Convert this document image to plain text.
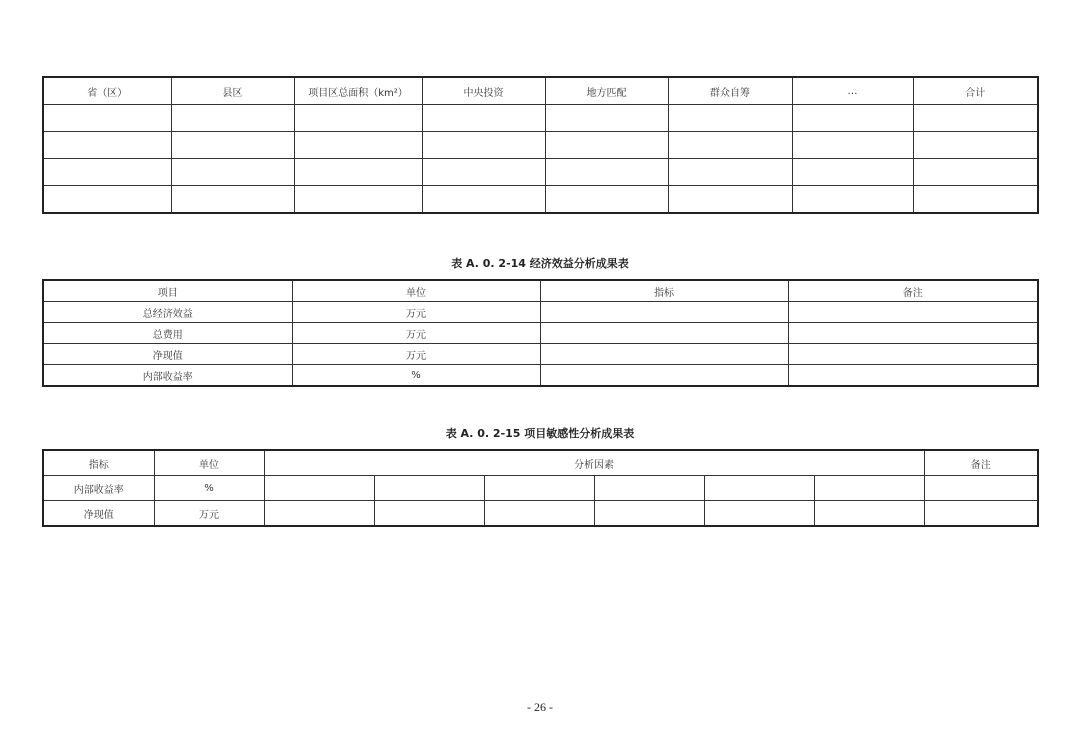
省（区）	县区	项目区总面积（km²）	中央投资	地方匹配	群众自筹	…	合计

表 A. 0. 2-14 经济效益分析成果表
项目	单位	指标	备注
总经济效益	万元		
总费用	万元		
净现值	万元		
内部收益率	%		
表 A. 0. 2-15 项目敏感性分析成果表
指标	单位	分析因素						备注
内部收益率	%							
净现值	万元							
- 26 -
